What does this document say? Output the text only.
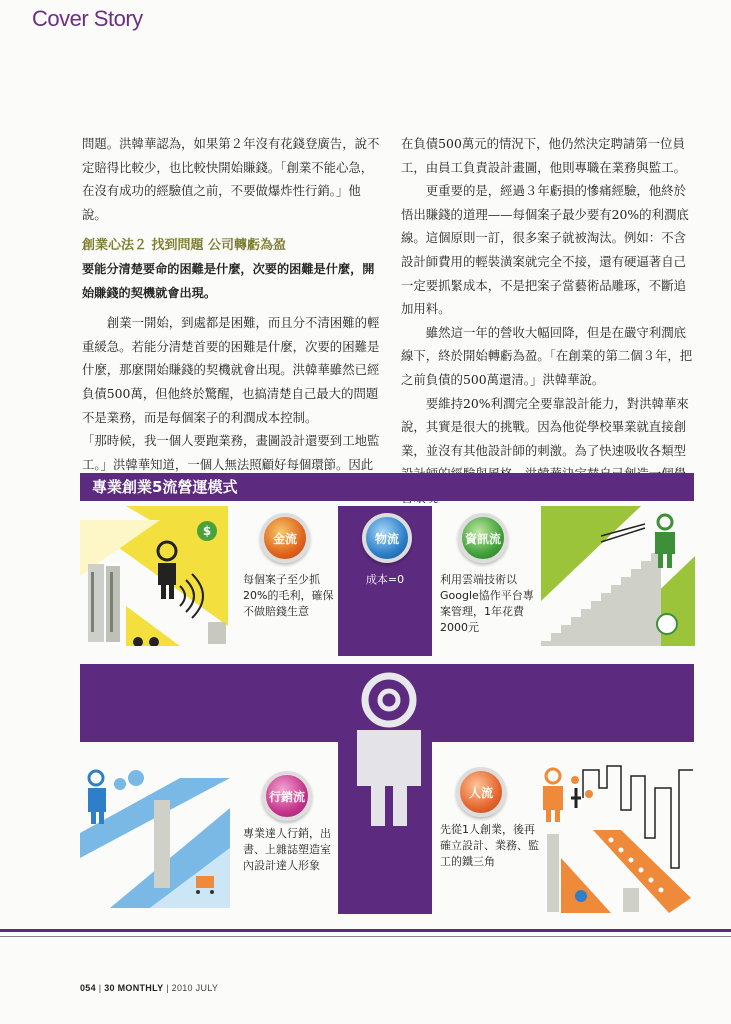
Cover Story

問題。洪韓華認為，如果第２年沒有花錢登廣告，說不定賠得比較少，也比較快開始賺錢。「創業不能心急，在沒有成功的經驗值之前，不要做爆炸性行銷。」他說。

創業心法２ 找到問題 公司轉虧為盈

要能分清楚要命的困難是什麼，次要的困難是什麼，開始賺錢的契機就會出現。

創業一開始，到處都是困難，而且分不清困難的輕重緩急。若能分清楚首要的困難是什麼，次要的困難是什麼，那麼開始賺錢的契機就會出現。洪韓華雖然已經負債500萬，但他終於驚醒，也搞清楚自己最大的問題不是業務，而是每個案子的利潤成本控制。

「那時候，我一個人要跑業務，畫圖設計還要到工地監工。」洪韓華知道，一個人無法照顧好每個環節。因此

在負債500萬元的情況下，他仍然決定聘請第一位員工，由員工負責設計畫圖，他則專職在業務與監工。

更重要的是，經過３年虧損的慘痛經驗，他終於悟出賺錢的道理——每個案子最少要有20%的利潤底線。這個原則一訂，很多案子就被淘汰。例如：不含設計師費用的輕裝潢案就完全不接，還有硬逼著自己一定要抓緊成本，不是把案子當藝術品雕琢，不斷追加用料。

雖然這一年的營收大幅回降，但是在嚴守利潤底線下，終於開始轉虧為盈。「在創業的第二個３年，把之前負債的500萬還清。」洪韓華說。

要維持20%利潤完全要靠設計能力，對洪韓華來說，其實是很大的挑戰。因為他從學校畢業就直接創業，並沒有其他設計師的刺激。為了快速吸收各類型

專業創業5流營運模式
$
金流
每個案子至少抓20%的毛利，確保不做賠錢生意
物流
成本=0
資訊流
利用雲端技術以Google協作平台專案管理，1年花費2000元
行銷流
專業達人行銷，出書、上雜誌塑造室內設計達人形象
人流
先從1人創業，後再確立設計、業務、監工的鐵三角
054 | 30 MONTHLY | 2010 JULY
